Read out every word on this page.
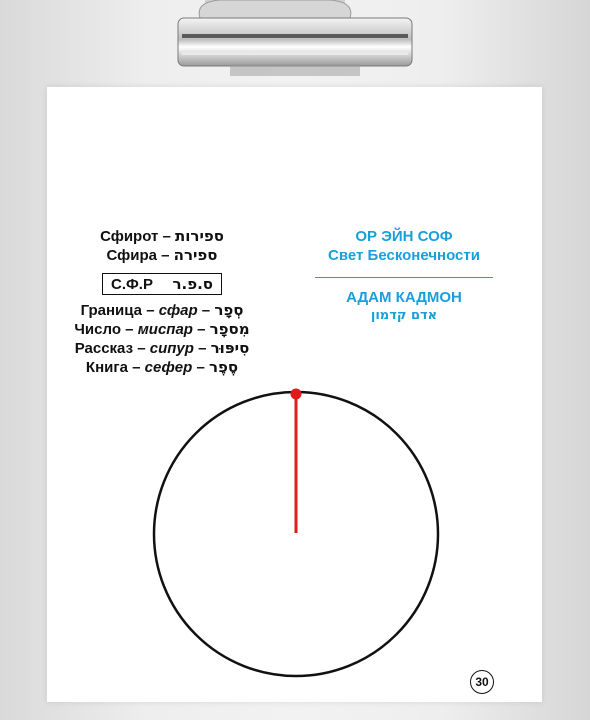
Сфирот – ספירות
Сфира – ספירה
С.Ф.Р ס.פ.ר
Граница – сфар – סְפָר
Число – миспар – מִספָר
Рассказ – сипур – סִיפּוּר
Книга – сефер – סֶפֶר
ОР ЭЙН СОФ
Свет Бесконечности
АДАМ КАДМОН
אדם קדמון
30
